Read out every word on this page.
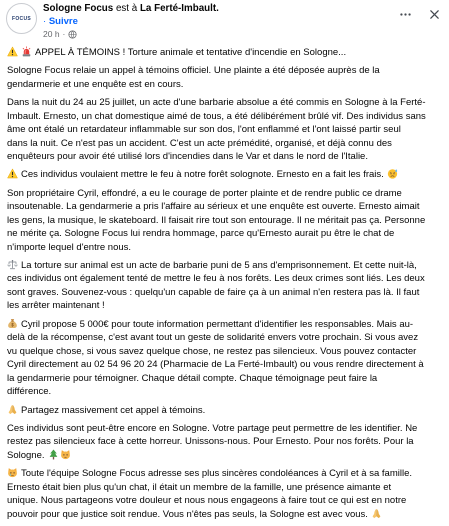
FOCUS
Sologne Focus est à La Ferté-Imbault.
· Suivre
20 h ·
APPEL À TÉMOINS ! Torture animale et tentative d'incendie en Sologne...
Sologne Focus relaie un appel à témoins officiel. Une plainte a été déposée auprès de la
gendarmerie et une enquête est en cours.
Dans la nuit du 24 au 25 juillet, un acte d'une barbarie absolue a été commis en Sologne à la Ferté-
Imbault. Ernesto, un chat domestique aimé de tous, a été délibérément brûlé vif. Des individus sans
âme ont étalé un retardateur inflammable sur son dos, l'ont enflammé et l'ont laissé partir seul
dans la nuit. Ce n'est pas un accident. C'est un acte prémédité, organisé, et déjà connu des
enquêteurs pour avoir été utilisé lors d'incendies dans le Var et dans le nord de l'Italie.
Ces individus voulaient mettre le feu à notre forêt solognote. Ernesto en a fait les frais.
Son propriétaire Cyril, effondré, a eu le courage de porter plainte et de rendre public ce drame
insoutenable. La gendarmerie a pris l'affaire au sérieux et une enquête est ouverte. Ernesto aimait
les gens, la musique, le skateboard. Il faisait rire tout son entourage. Il ne méritait pas ça. Personne
ne mérite ça. Sologne Focus lui rendra hommage, parce qu'Ernesto aurait pu être le chat de
n'importe lequel d'entre nous.
La torture sur animal est un acte de barbarie puni de 5 ans d'emprisonnement. Et cette nuit-là,
ces individus ont également tenté de mettre le feu à nos forêts. Les deux crimes sont liés. Les deux
sont graves. Souvenez-vous : quelqu'un capable de faire ça à un animal n'en restera pas là. Il faut
les arrêter maintenant !
Cyril propose 5 000€ pour toute information permettant d'identifier les responsables. Mais au-
delà de la récompense, c'est avant tout un geste de solidarité envers votre prochain. Si vous avez
vu quelque chose, si vous savez quelque chose, ne restez pas silencieux. Vous pouvez contacter
Cyril directement au 02 54 96 20 24 (Pharmacie de La Ferté-Imbault) ou vous rendre directement à
la gendarmerie pour témoigner. Chaque détail compte. Chaque témoignage peut faire la
différence.
Partagez massivement cet appel à témoins.
Ces individus sont peut-être encore en Sologne. Votre partage peut permettre de les identifier. Ne
restez pas silencieux face à cette horreur. Unissons-nous. Pour Ernesto. Pour nos forêts. Pour la
Sologne.
Toute l'équipe Sologne Focus adresse ses plus sincères condoléances à Cyril et à sa famille.
Ernesto était bien plus qu'un chat, il était un membre de la famille, une présence aimante et
unique. Nous partageons votre douleur et nous nous engageons à faire tout ce qui est en notre
pouvoir pour que justice soit rendue. Vous n'êtes pas seuls, la Sologne est avec vous.
